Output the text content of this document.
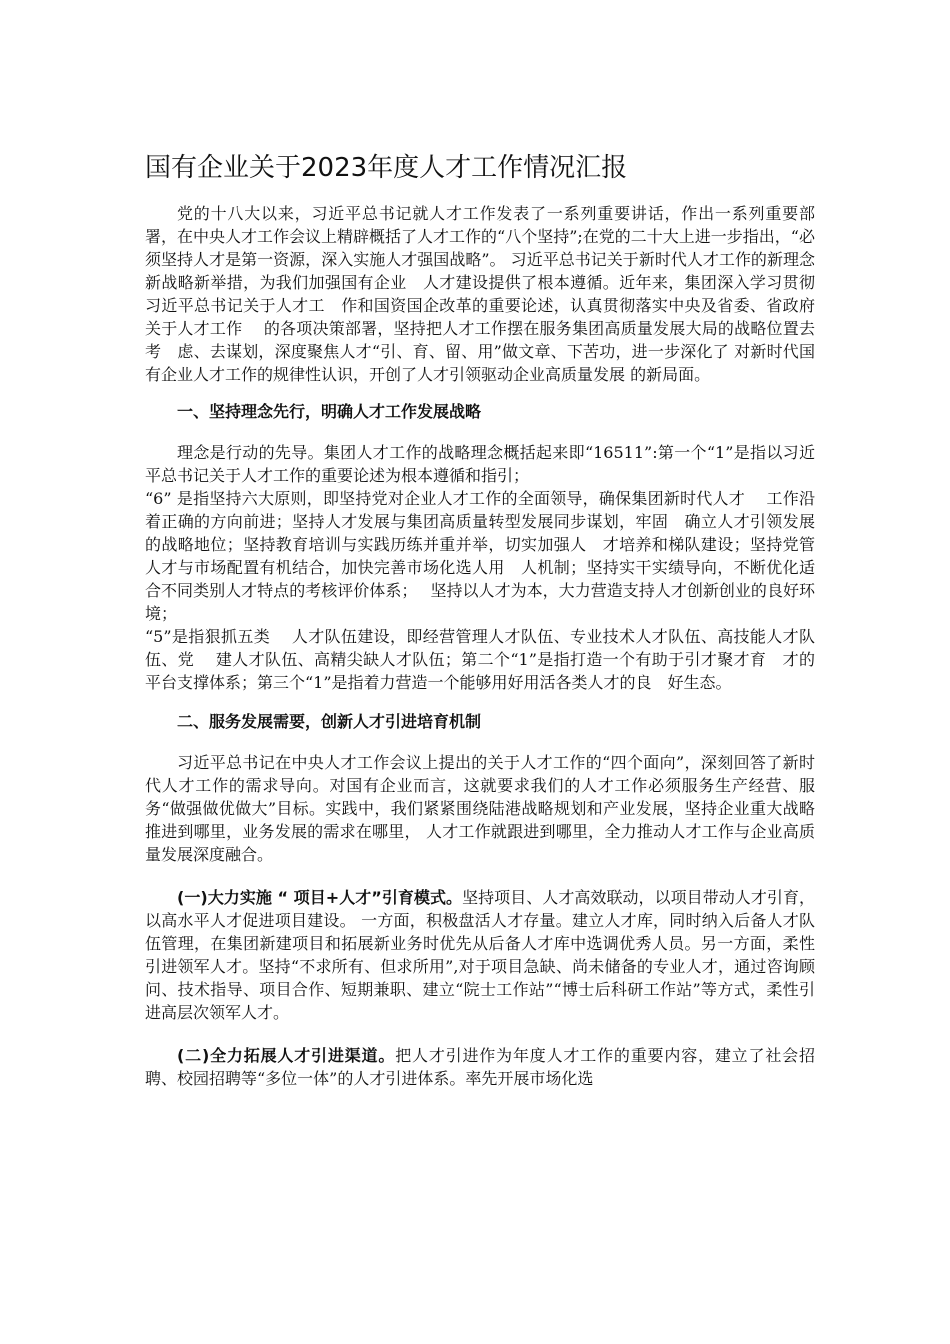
国有企业关于2023年度人才工作情况汇报

党的十八大以来，习近平总书记就人才工作发表了一系列重要讲话，作出一系列重要部署，在中央人才工作会议上精辟概括了人才工作的“八个坚持”;在党的二十大上进一步指出，“必须坚持人才是第一资源，深入实施人才强国战略”。 习近平总书记关于新时代人才工作的新理念新战略新举措，为我们加强国有企业　人才建设提供了根本遵循。近年来，集团深入学习贯彻习近平总书记关于人才工　作和国资国企改革的重要论述，认真贯彻落实中央及省委、省政府关于人才工作　 的各项决策部署，坚持把人才工作摆在服务集团高质量发展大局的战略位置去考　虑、去谋划，深度聚焦人才“引、育、留、用”做文章、下苦功，进一步深化了 对新时代国有企业人才工作的规律性认识，开创了人才引领驱动企业高质量发展 的新局面。

一、坚持理念先行，明确人才工作发展战略

理念是行动的先导。集团人才工作的战略理念概括起来即“16511”:第一个“1”是指以习近平总书记关于人才工作的重要论述为根本遵循和指引；
“6” 是指坚持六大原则，即坚持党对企业人才工作的全面领导，确保集团新时代人才　 工作沿着正确的方向前进；坚持人才发展与集团高质量转型发展同步谋划，牢固　确立人才引领发展的战略地位；坚持教育培训与实践历练并重并举，切实加强人　才培养和梯队建设；坚持党管人才与市场配置有机结合，加快完善市场化选人用　人机制；坚持实干实绩导向，不断优化适合不同类别人才特点的考核评价体系；　 坚持以人才为本，大力营造支持人才创新创业的良好环境；
“5”是指狠抓五类　 人才队伍建设，即经营管理人才队伍、专业技术人才队伍、高技能人才队伍、党　 建人才队伍、高精尖缺人才队伍；第二个“1”是指打造一个有助于引才聚才育　才的平台支撑体系；第三个“1”是指着力营造一个能够用好用活各类人才的良　好生态。

二、服务发展需要，创新人才引进培育机制

习近平总书记在中央人才工作会议上提出的关于人才工作的“四个面向”，深刻回答了新时代人才工作的需求导向。对国有企业而言，这就要求我们的人才工作必须服务生产经营、服务“做强做优做大”目标。实践中，我们紧紧围绕陆港战略规划和产业发展，坚持企业重大战略推进到哪里，业务发展的需求在哪里， 人才工作就跟进到哪里，全力推动人才工作与企业高质量发展深度融合。

(一)大力实施 “ 项目+人才”引育模式。坚持项目、人才高效联动，以项目带动人才引育，以高水平人才促进项目建设。 一方面，积极盘活人才存量。建立人才库，同时纳入后备人才队伍管理，在集团新建项目和拓展新业务时优先从后备人才库中选调优秀人员。另一方面，柔性引进领军人才。坚持“不求所有、但求所用”,对于项目急缺、尚未储备的专业人才，通过咨询顾问、技术指导、项目合作、短期兼职、建立“院士工作站”“博士后科研工作站”等方式，柔性引进高层次领军人才。

(二)全力拓展人才引进渠道。把人才引进作为年度人才工作的重要内容，建立了社会招聘、校园招聘等“多位一体”的人才引进体系。率先开展市场化选
